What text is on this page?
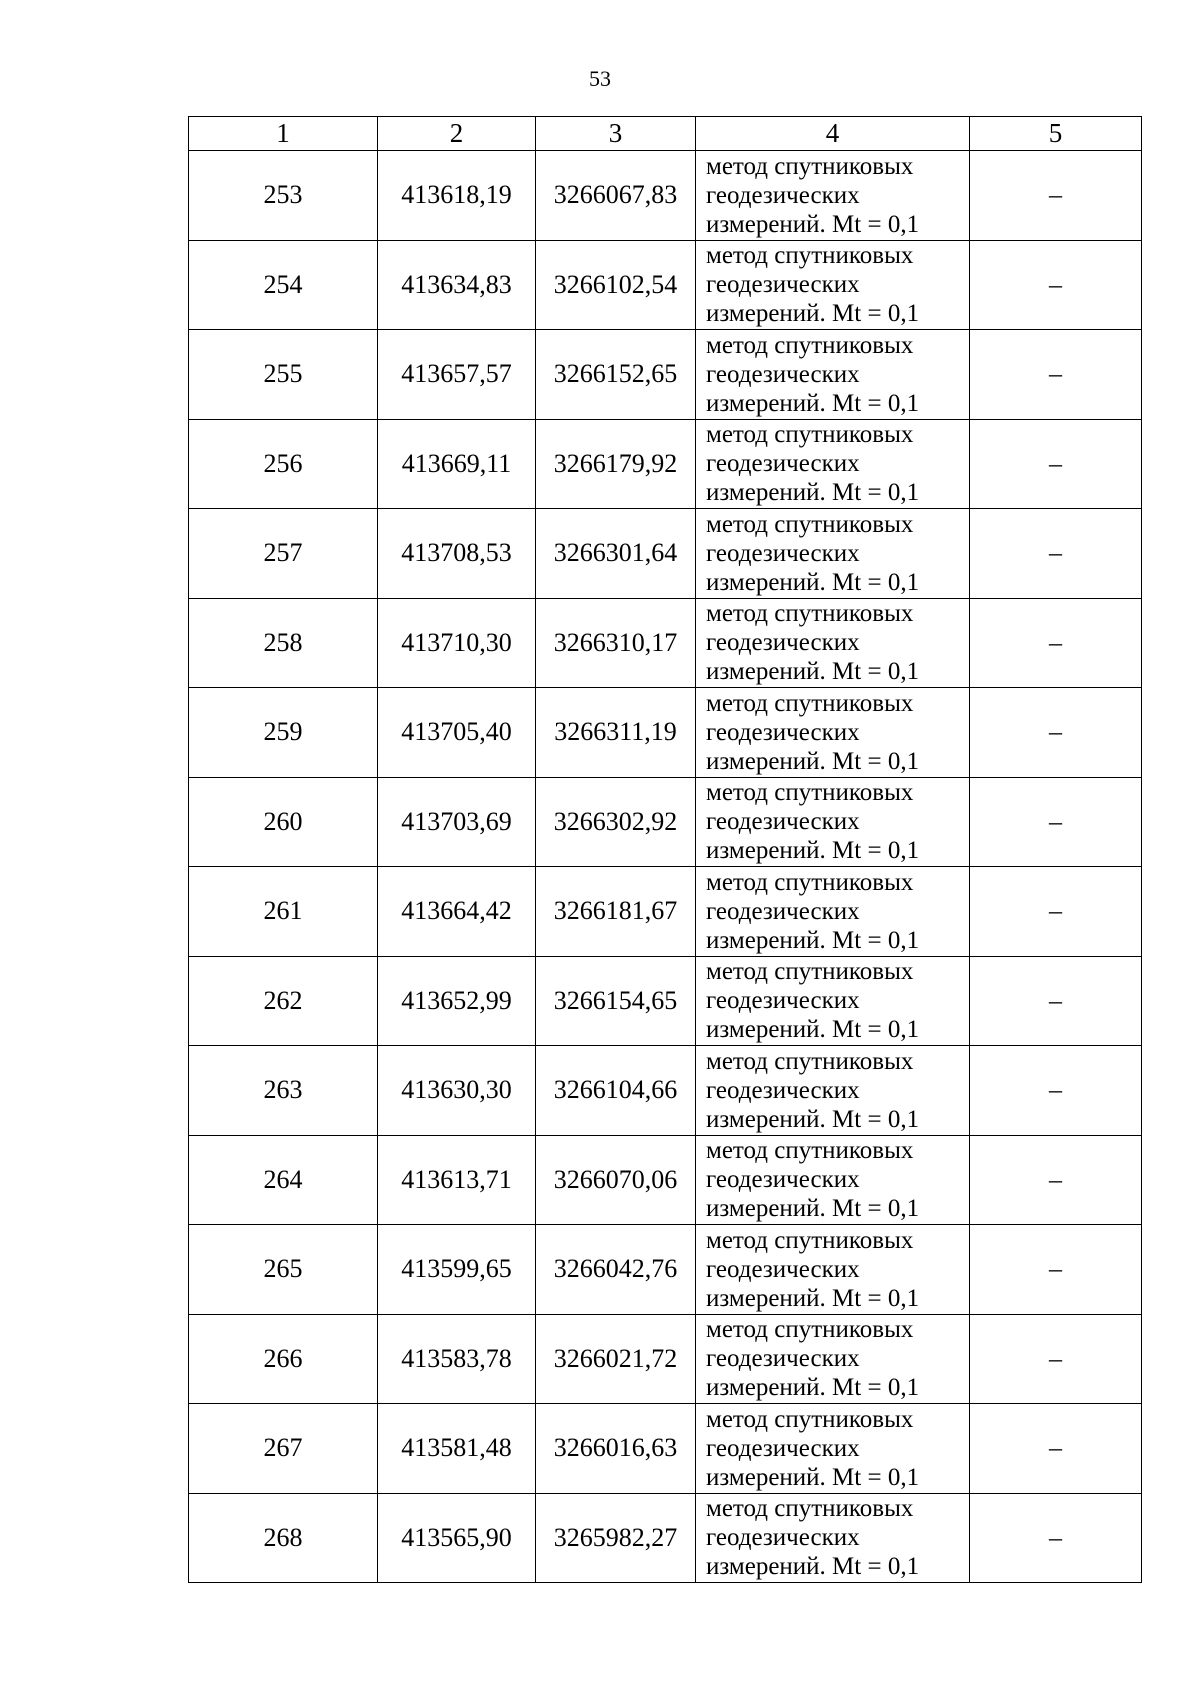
53
1	2	3	4	5
253	413618,19	3266067,83	метод спутниковых
геодезических
измерений. Mt = 0,1	–
254	413634,83	3266102,54	метод спутниковых
геодезических
измерений. Mt = 0,1	–
255	413657,57	3266152,65	метод спутниковых
геодезических
измерений. Mt = 0,1	–
256	413669,11	3266179,92	метод спутниковых
геодезических
измерений. Mt = 0,1	–
257	413708,53	3266301,64	метод спутниковых
геодезических
измерений. Mt = 0,1	–
258	413710,30	3266310,17	метод спутниковых
геодезических
измерений. Mt = 0,1	–
259	413705,40	3266311,19	метод спутниковых
геодезических
измерений. Mt = 0,1	–
260	413703,69	3266302,92	метод спутниковых
геодезических
измерений. Mt = 0,1	–
261	413664,42	3266181,67	метод спутниковых
геодезических
измерений. Mt = 0,1	–
262	413652,99	3266154,65	метод спутниковых
геодезических
измерений. Mt = 0,1	–
263	413630,30	3266104,66	метод спутниковых
геодезических
измерений. Mt = 0,1	–
264	413613,71	3266070,06	метод спутниковых
геодезических
измерений. Mt = 0,1	–
265	413599,65	3266042,76	метод спутниковых
геодезических
измерений. Mt = 0,1	–
266	413583,78	3266021,72	метод спутниковых
геодезических
измерений. Mt = 0,1	–
267	413581,48	3266016,63	метод спутниковых
геодезических
измерений. Mt = 0,1	–
268	413565,90	3265982,27	метод спутниковых
геодезических
измерений. Mt = 0,1	–
